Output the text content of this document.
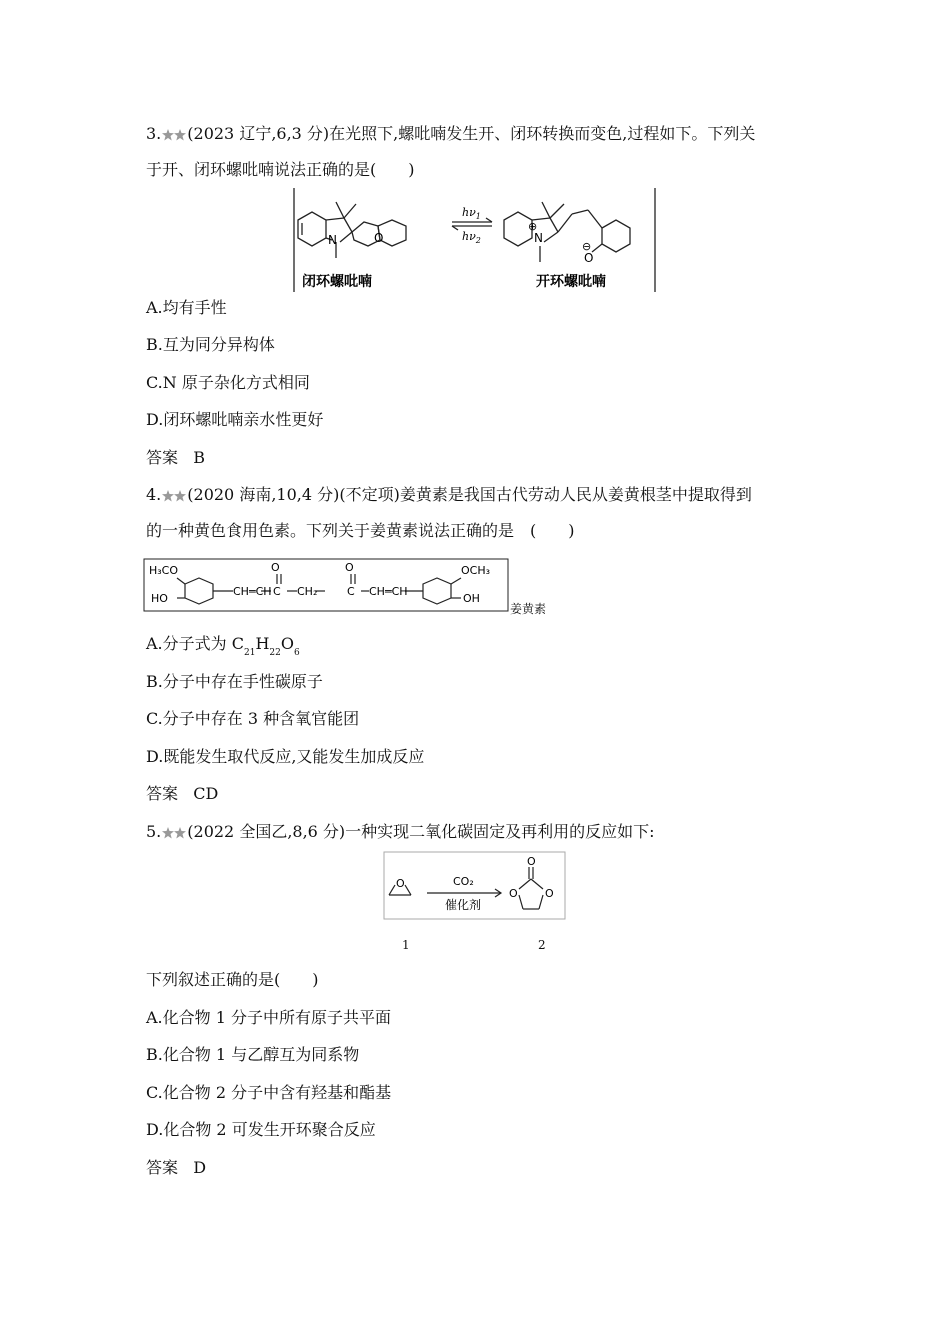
3. (2023 辽宁,6,3 分)在光照下,螺吡喃发生开、闭环转换而变色,过程如下。下列关
于开、闭环螺吡喃说法正确的是(　　)
N	O	N
⊕
O
⊖
$h\nu_1$
$h\nu_2$
闭环螺吡喃	开环螺吡喃
A.均有手性
B.互为同分异构体
C.N 原子杂化方式相同
D.闭环螺吡喃亲水性更好
答案 B
4. (2020 海南,10,4 分)(不定项)姜黄素是我国古代劳动人民从姜黄根茎中提取得到
的一种黄色食用色素。下列关于姜黄素说法正确的是　(　　)
H₃CO
HO
CH═CH
O
C CH₂
O
C CH═CH
OCH₃
OH
姜黄素
A.分子式为 $C_{21}H_{22}O_6$
B.分子中存在手性碳原子
C.分子中存在 3 种含氧官能团
D.既能发生取代反应,又能发生加成反应
答案 CD
5. (2022 全国乙,8,6 分)一种实现二氧化碳固定及再利用的反应如下:
O	CO₂
催化剂
O
O O
1	2
下列叙述正确的是(　　)
A.化合物 1 分子中所有原子共平面
B.化合物 1 与乙醇互为同系物
C.化合物 2 分子中含有羟基和酯基
D.化合物 2 可发生开环聚合反应
答案 D
